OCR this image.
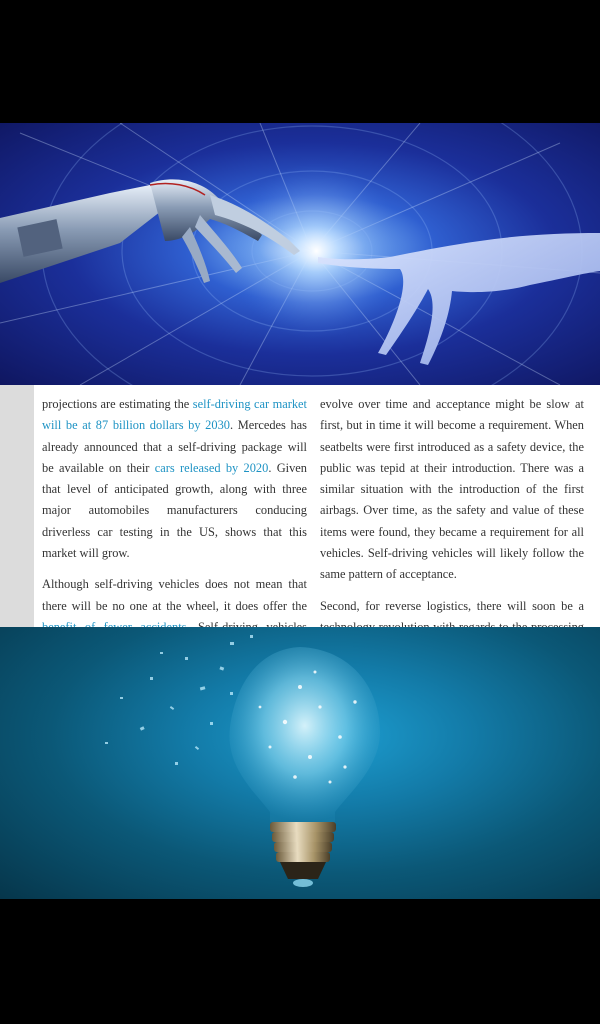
projections are estimating the self-driving car market will be at 87 billion dollars by 2030. Mercedes has already announced that a self-driving package will be available on their cars released by 2020. Given that level of anticipated growth, along with three major automobiles manufacturers conducing driverless car testing in the US, shows that this market will grow.

Although self-driving vehicles does not mean that there will be no one at the wheel, it does offer the

evolve over time and acceptance might be slow at first, but in time it will become a requirement. When seatbelts were first introduced as a safety device, the public was tepid at their introduction. There was a similar situation with the introduction of the first airbags. Over time, as the safety and value of these items were found, they became a requirement for all vehicles. Self-driving vehicles will likely follow the same pattern of acceptance.

Second, for reverse logistics, there will soon be a
